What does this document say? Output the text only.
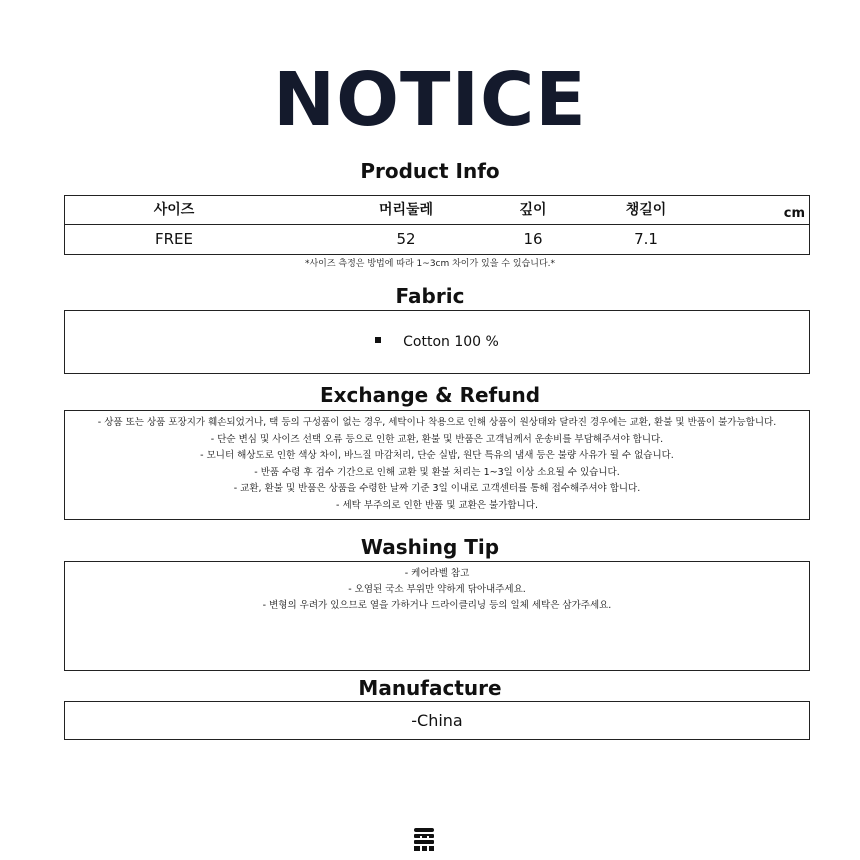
NOTICE
Product Info
사이즈	머리둘레	깊이	챙길이	cm
FREE	52	16	7.1
*사이즈 측정은 방법에 따라 1~3cm 차이가 있을 수 있습니다.*
Fabric
Cotton 100 %
Exchange & Refund
- 상품 또는 상품 포장지가 훼손되었거나, 택 등의 구성품이 없는 경우, 세탁이나 착용으로 인해 상품이 원상태와 달라진 경우에는 교환, 환불 및 반품이 불가능합니다.
- 단순 변심 및 사이즈 선택 오류 등으로 인한 교환, 환불 및 반품은 고객님께서 운송비를 부담해주셔야 합니다.
- 모니터 해상도로 인한 색상 차이, 바느질 마감처리, 단순 실밥, 원단 특유의 냄새 등은 불량 사유가 될 수 없습니다.
- 반품 수령 후 검수 기간으로 인해 교환 및 환불 처리는 1~3일 이상 소요될 수 있습니다.
- 교환, 환불 및 반품은 상품을 수령한 날짜 기준 3일 이내로 고객센터를 통해 접수해주셔야 합니다.
- 세탁 부주의로 인한 반품 및 교환은 불가합니다.
Washing Tip
- 케어라벨 참고
- 오염된 국소 부위만 약하게 닦아내주세요.
- 변형의 우려가 있으므로 열을 가하거나 드라이클리닝 등의 일체 세탁은 삼가주세요.
Manufacture
-China
